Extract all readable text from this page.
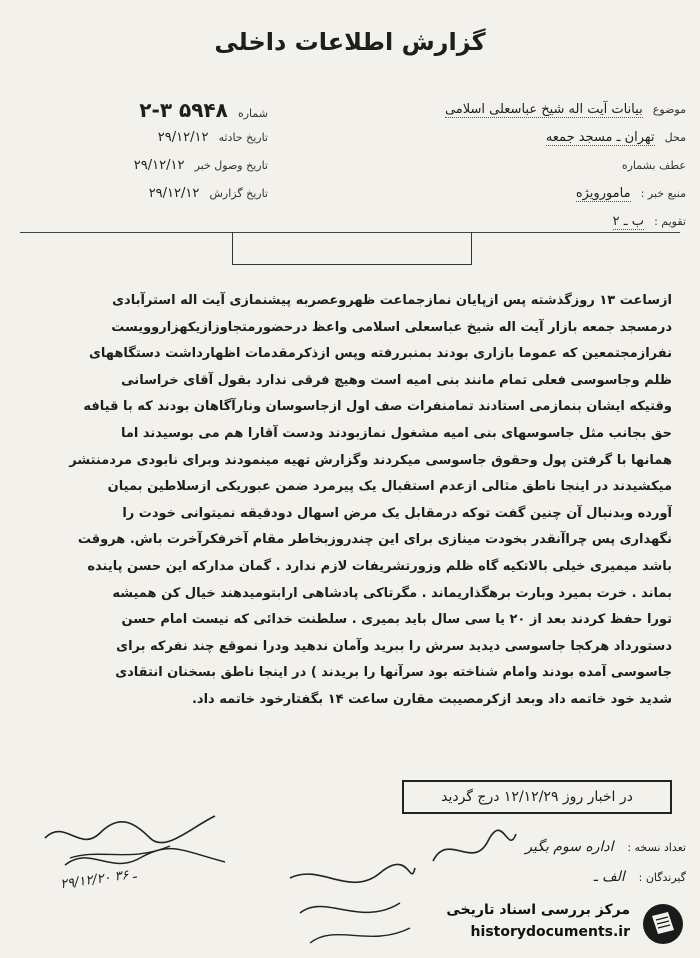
گزارش اطلاعات داخلی
شماره ۵۹۴۸ ۳-۲
تاریخ حادثه ۲۹/۱۲/۱۲
تاریخ وصول خبر ۲۹/۱۲/۱۲
تاریخ گزارش ۲۹/۱۲/۱۲
موضوع بیانات آیت اله شیخ عباسعلی اسلامی
محل تهران ـ مسجد جمعه
عطف بشماره
منبع خبر : مامورویژه
تقویم : ب ـ ۲
ازساعت ۱۳ روزگذشته پس ازپایان نمازجماعت ظهروعصربه پیشنمازی آیت اله استرآبادی
درمسجد جمعه بازار آیت اله شیخ عباسعلی اسلامی واعظ درحضورمتجاوزازیکهزاروویست
نفرازمجتمعین که عموما بازاری بودند بمنبررفته وپس ازذکرمقدمات اظهارداشت دستگاههای
ظلم وجاسوسی فعلی تمام مانند بنی امیه است وهیچ فرقی ندارد بقول آقای خراسانی
وقتیکه ایشان بنمازمی استادند تمامنفرات صف اول ازجاسوسان ونارآگاهان بودند که با قیافه
حق بجانب مثل جاسوسهای بنی امیه مشغول نمازبودند ودست آقارا هم می بوسیدند اما
همانها با گرفتن پول وحقوق جاسوسی میکردند وگزارش تهیه مینمودند وبرای نابودی مردمنتشر
میکشیدند در اینجا ناطق مثالی ازعدم استقبال یک پیرمرد ضمن عبوریکی ازسلاطین بمیان
آورده وبدنبال آن چنین گفت توکه درمقابل یک مرض اسهال دودقیقه نمیتوانی خودت را
نگهداری پس چراآنقدر بخودت مینازی برای این چندروزبخاطر مقام آخرفکرآخرت باش. هروقت
باشد میمیری خیلی بالاتکیه گاه ظلم وزورتشریفات لازم ندارد . گمان مدارکه این حسن پاینده
بماند . خرت بمیرد وبارت برهگذاریماند . مگرتاکی پادشاهی ارابتومیدهند خیال کن همیشه
تورا حفظ کردند بعد از ۲۰ یا سی سال باید بمیری . سلطنت خدائی که نیست امام حسن
دستورداد هرکجا جاسوسی دیدید سرش را ببرید وآمان ندهید ودرا نموقع چند نفرکه برای
جاسوسی آمده بودند وامام شناخته بود سرآنها را بریدند ) در اینجا ناطق بسخنان انتقادی
شدید خود خاتمه داد وبعد ازکرمصیبت مقارن ساعت ۱۴ بگفتارخود خاتمه داد.
در اخبار روز ۱۲/۱۲/۲۹ درج گردید
تعداد نسخه : اداره سوم بگیر
گیرندگان : الف ـ
۲۹/۱۲/۲۰ ـ ۳۶
مرکز بررسی اسناد تاریخی
historydocuments.ir
